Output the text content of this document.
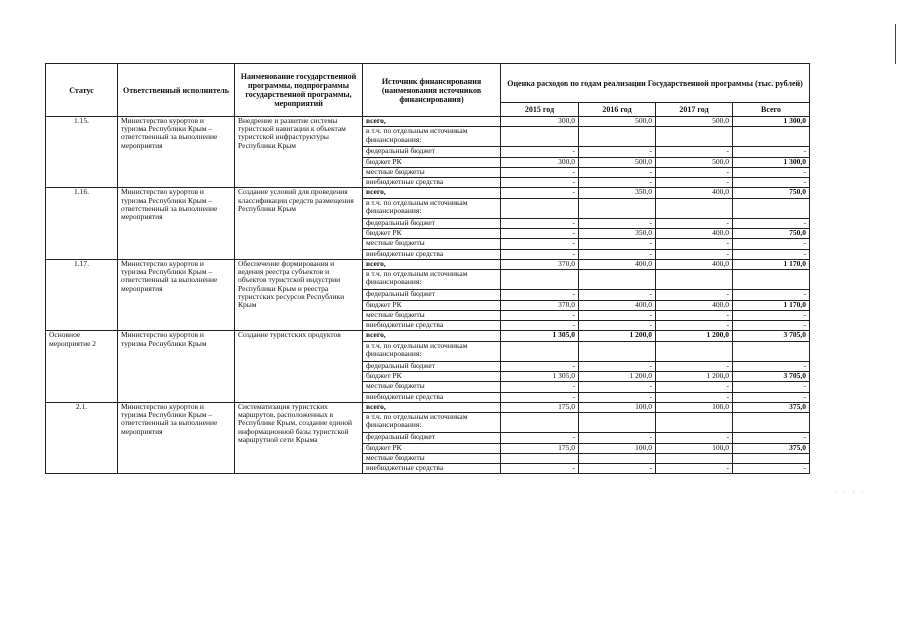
· · · ·
Статус	Ответственный исполнитель	Наименование государственной программы, подпрограммы государственной программы, мероприятий	Источник финансирования (наименования источников финансирования)	Оценка расходов по годам реализации Государственной программы (тыс. рублей)			
				2015 год	2016 год	2017 год	Всего
1.15.	Министерство курортов и туризма Республики Крым – ответственный за выполнение мероприятия	Внедрение и развитие системы туристской навигации к объектам туристской инфраструктуры Республики Крым	всего,	300,0	500,0	500,0	1 300,0
			в т.ч. по отдельным источникам финансирования:				
			федеральный бюджет	-	-	-	-
			бюджет РК	300,0	500,0	500,0	1 300,0
			местные бюджеты	-	-	-	-
			внебюджетные средства	-	-	-	-
1.16.	Министерство курортов и туризма Республики Крым – ответственный за выполнение мероприятия	Создание условий для проведения классификации средств размещения Республики Крым	всего,	-	350,0	400,0	750,0
			в т.ч. по отдельным источникам финансирования:				
			федеральный бюджет	-	-	-	-
			бюджет РК	-	350,0	400,0	750,0
			местные бюджеты	-	-	-	-
			внебюджетные средства	-	-	-	-
1.17.	Министерство курортов и туризма Республики Крым – ответственный за выполнение мероприятия	Обеспечение формирования и ведения реестра субъектов и объектов туристской индустрии Республики Крым и реестра туристских ресурсов Республики Крым	всего,	370,0	400,0	400,0	1 170,0
			в т.ч. по отдельным источникам финансирования:				
			федеральный бюджет	-	-	-	-
			бюджет РК	370,0	400,0	400,0	1 170,0
			местные бюджеты	-	-	-	-
			внебюджетные средства	-	-	-	-
Основное мероприятие 2	Министерство курортов и туризма Республики Крым	Создание туристских продуктов	всего,	1 305,0	1 200,0	1 200,0	3 705,0
			в т.ч. по отдельным источникам финансирования:				
			федеральный бюджет	-	-	-	-
			бюджет РК	1 305,0	1 200,0	1 200,0	3 705,0
			местные бюджеты	-	-	-	-
			внебюджетные средства	-	-	-	-
2.1.	Министерство курортов и туризма Республики Крым – ответственный за выполнение мероприятия	Систематизация туристских маршрутов, расположенных в Республике Крым, создание единой информационной базы туристской маршрутной сети Крыма	всего,	175,0	100,0	100,0	375,0
			в т.ч. по отдельным источникам финансирования:				
			федеральный бюджет	-	-	-	-
			бюджет РК	175,0	100,0	100,0	375,0
			местные бюджеты				
			внебюджетные средства	-	-	-	-
